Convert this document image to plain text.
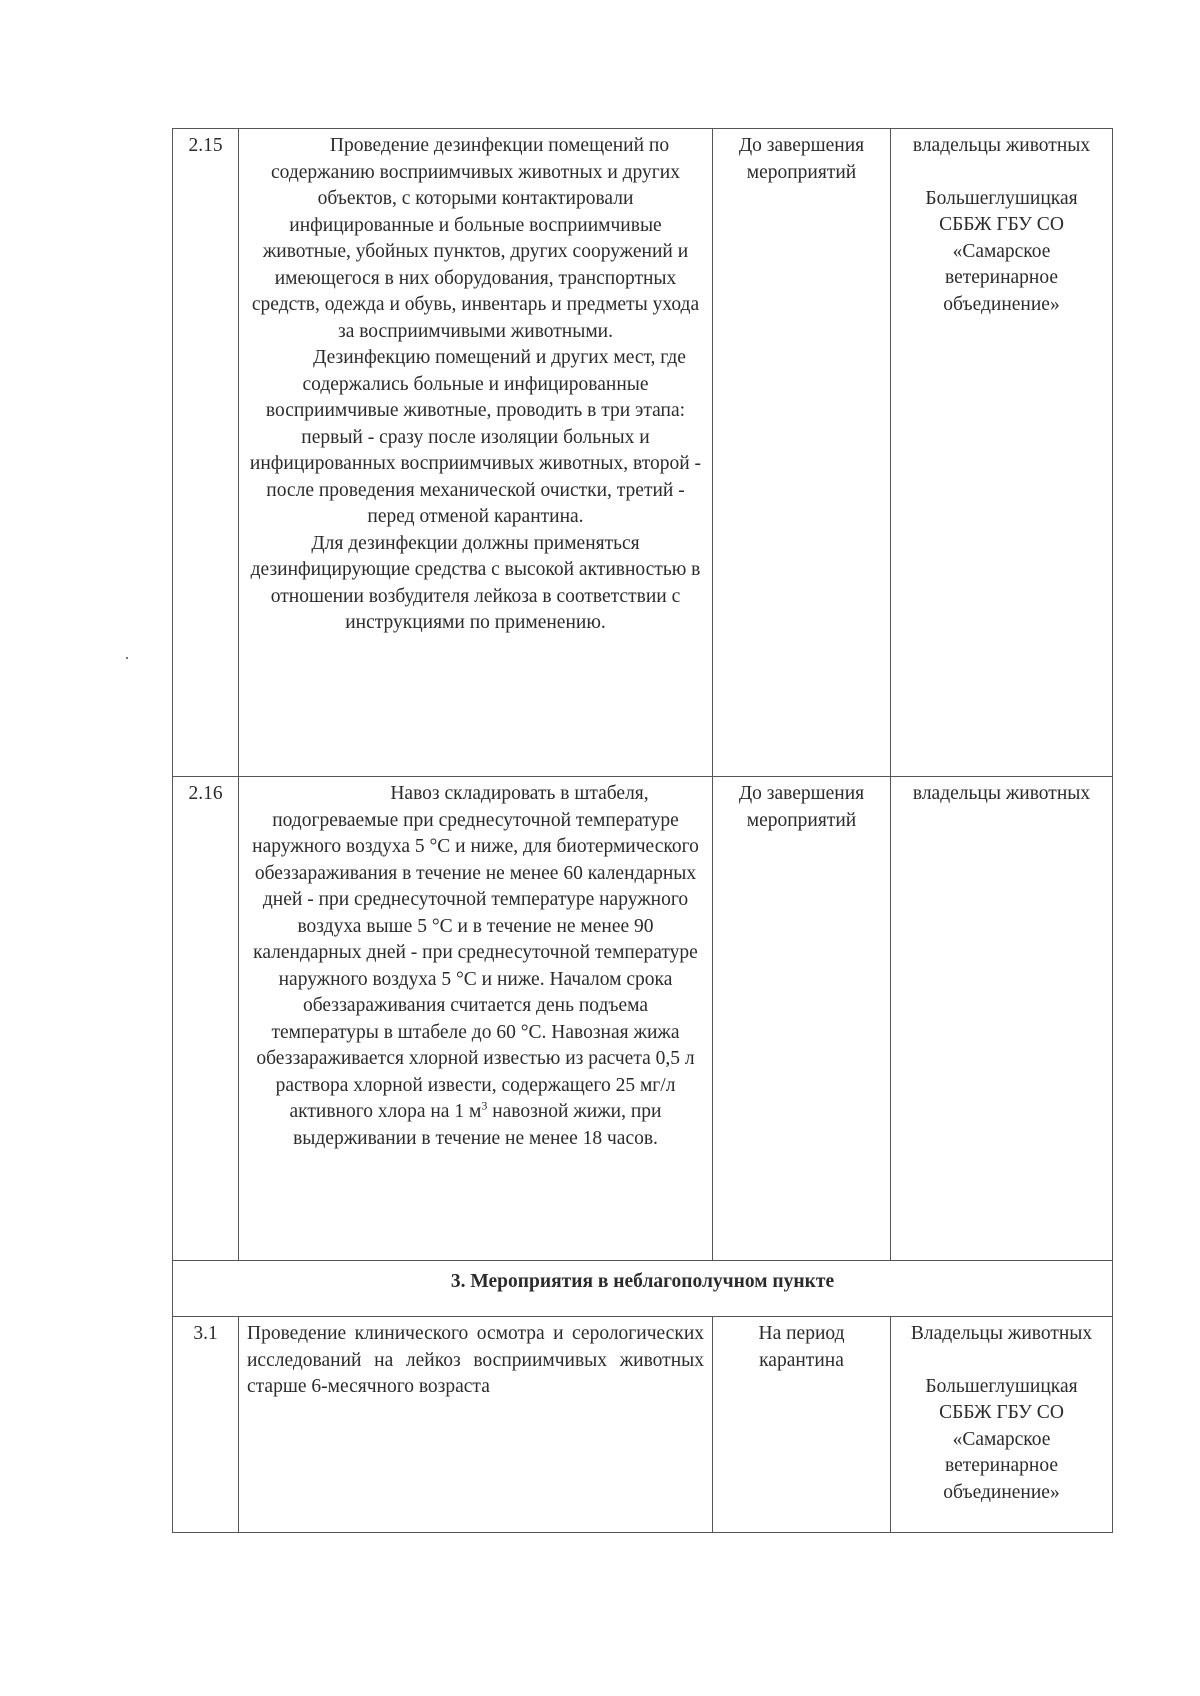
2.15	Проведение дезинфекции помещений по содержанию восприимчивых животных и других объектов, с которыми контактировали инфицированные и больные восприимчивые животные, убойных пунктов, других сооружений и имеющегося в них оборудования, транспортных средств, одежда и обувь, инвентарь и предметы ухода за восприимчивыми животными.
Дезинфекцию помещений и других мест, где содержались больные и инфицированные восприимчивые животные, проводить в три этапа: первый - сразу после изоляции больных и инфицированных восприимчивых животных, второй - после проведения механической очистки, третий - перед отменой карантина.
Для дезинфекции должны применяться дезинфицирующие средства с высокой активностью в отношении возбудителя лейкоза в соответствии с инструкциями по применению.	До завершения мероприятий	владельцы животных
Большеглушицкая СББЖ ГБУ СО «Самарское ветеринарное объединение»

2.16	Навоз складировать в штабеля, подогреваемые при среднесуточной температуре наружного воздуха 5 °С и ниже, для биотермического обеззараживания в течение не менее 60 календарных дней - при среднесуточной температуре наружного воздуха выше 5 °С и в течение не менее 90 календарных дней - при среднесуточной температуре наружного воздуха 5 °С и ниже. Началом срока обеззараживания считается день подъема температуры в штабеле до 60 °С. Навозная жижа обеззараживается хлорной известью из расчета 0,5 л раствора хлорной извести, содержащего 25 мг/л активного хлора на 1 $м^3$ навозной жижи, при выдерживании в течение не менее 18 часов.	До завершения мероприятий	владельцы животных

3. Мероприятия в неблагополучном пункте			
3.1	Проведение клинического осмотра и серологических исследований на лейкоз восприимчивых животных старше 6-месячного возраста	На период карантина	Владельцы животных
Большеглушицкая СББЖ ГБУ СО «Самарское ветеринарное объединение»
